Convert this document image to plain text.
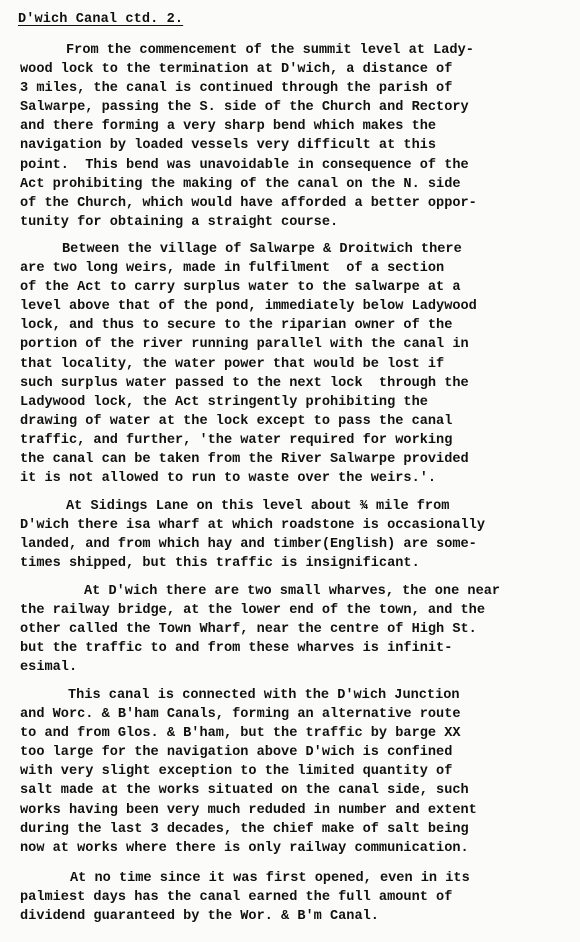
D'wich Canal ctd. 2.
From the commencement of the summit level at Lady-
wood lock to the termination at D'wich, a distance of
3 miles, the canal is continued through the parish of
Salwarpe, passing the S. side of the Church and Rectory
and there forming a very sharp bend which makes the
navigation by loaded vessels very difficult at this
point.  This bend was unavoidable in consequence of the
Act prohibiting the making of the canal on the N. side
of the Church, which would have afforded a better oppor-
tunity for obtaining a straight course.
Between the village of Salwarpe & Droitwich there
are two long weirs, made in fulfilment  of a section
of the Act to carry surplus water to the salwarpe at a
level above that of the pond, immediately below Ladywood
lock, and thus to secure to the riparian owner of the
portion of the river running parallel with the canal in
that locality, the water power that would be lost if
such surplus water passed to the next lock  through the
Ladywood lock, the Act stringently prohibiting the
drawing of water at the lock except to pass the canal
traffic, and further, 'the water required for working
the canal can be taken from the River Salwarpe provided
it is not allowed to run to waste over the weirs.'.
At Sidings Lane on this level about ¾ mile from
D'wich there isa wharf at which roadstone is occasionally
landed, and from which hay and timber(English) are some-
times shipped, but this traffic is insignificant.
At D'wich there are two small wharves, the one near
the railway bridge, at the lower end of the town, and the
other called the Town Wharf, near the centre of High St.
but the traffic to and from these wharves is infinit-
esimal.
This canal is connected with the D'wich Junction
and Worc. & B'ham Canals, forming an alternative route
to and from Glos. & B'ham, but the traffic by barge XX
too large for the navigation above D'wich is confined
with very slight exception to the limited quantity of
salt made at the works situated on the canal side, such
works having been very much reduded in number and extent
during the last 3 decades, the chief make of salt being
now at works where there is only railway communication.
At no time since it was first opened, even in its
palmiest days has the canal earned the full amount of
dividend guaranteed by the Wor. & B'm Canal.
